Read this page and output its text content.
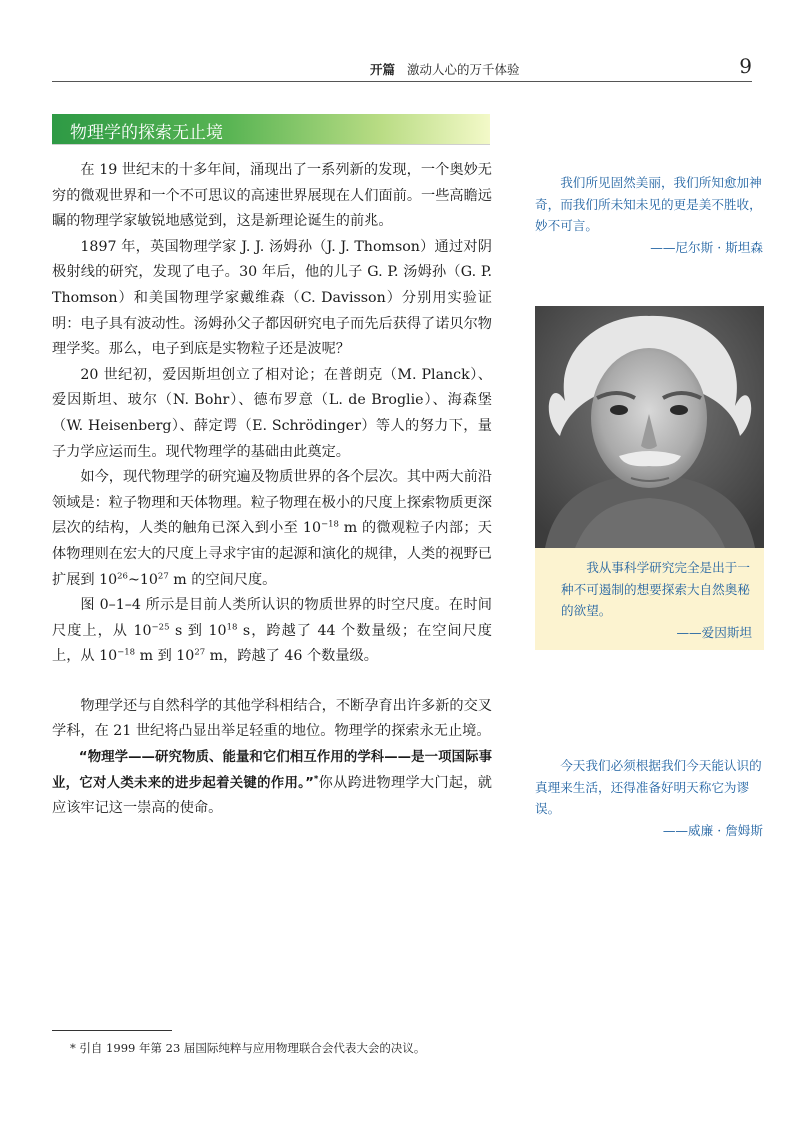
开篇 激动人心的万千体验	9
物理学的探索无止境

在 19 世纪末的十多年间，涌现出了一系列新的发现，一个奥妙无穷的微观世界和一个不可思议的高速世界展现在人们面前。一些高瞻远瞩的物理学家敏锐地感觉到，这是新理论诞生的前兆。

1897 年，英国物理学家 J. J. 汤姆孙（J. J. Thomson）通过对阴极射线的研究，发现了电子。30 年后，他的儿子 G. P. 汤姆孙（G. P. Thomson）和美国物理学家戴维森（C. Davisson）分别用实验证明：电子具有波动性。汤姆孙父子都因研究电子而先后获得了诺贝尔物理学奖。那么，电子到底是实物粒子还是波呢？

20 世纪初，爱因斯坦创立了相对论；在普朗克（M. Planck）、爱因斯坦、玻尔（N. Bohr）、德布罗意（L. de Broglie）、海森堡（W. Heisenberg）、薛定谔（E. Schrödinger）等人的努力下，量子力学应运而生。现代物理学的基础由此奠定。

如今，现代物理学的研究遍及物质世界的各个层次。其中两大前沿领域是：粒子物理和天体物理。粒子物理在极小的尺度上探索物质更深层次的结构，人类的触角已深入到小至 $10^{-18}$ m 的微观粒子内部；天体物理则在宏大的尺度上寻求宇宙的起源和演化的规律，人类的视野已扩展到 $10^{26}\sim 10^{27}$ m 的空间尺度。

图 0–1–4 所示是目前人类所认识的物质世界的时空尺度。在时间尺度上，从 $10^{-25}$ s 到 $10^{18}$ s，跨越了 44 个数量级；在空间尺度上，从 $10^{-18}$ m 到 $10^{27}$ m，跨越了 46 个数量级。

物理学还与自然科学的其他学科相结合，不断孕育出许多新的交叉学科，在 21 世纪将凸显出举足轻重的地位。物理学的探索永无止境。

“物理学——研究物质、能量和它们相互作用的学科——是一项国际事业，它对人类未来的进步起着关键的作用。”*你从跨进物理学大门起，就应该牢记这一崇高的使命。

我们所见固然美丽，我们所知愈加神奇，而我们所未知未见的更是美不胜收，妙不可言。
——尼尔斯 · 斯坦森
我从事科学研究完全是出于一种不可遏制的想要探索大自然奥秘的欲望。
——爱因斯坦
今天我们必须根据我们今天能认识的真理来生活，还得准备好明天称它为谬误。
——威廉 · 詹姆斯
* 引自 1999 年第 23 届国际纯粹与应用物理联合会代表大会的决议。
